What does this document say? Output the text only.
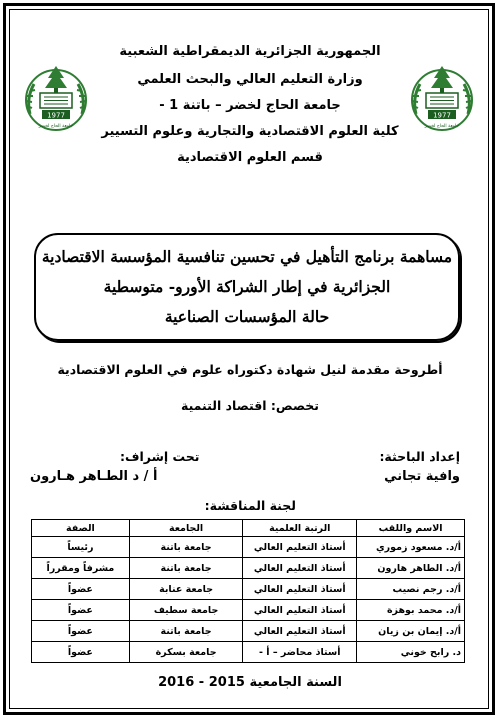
الجمهورية الجزائرية الديمقراطية الشعبية
وزارة التعليم العالي والبحث العلمي
جامعة الحاج لخضر – باتنة 1 -
كلية العلوم الاقتصادية والتجارية وعلوم التسيير
قسم العلوم الاقتصادية
1977
جامعة الحاج لخضر
1977
جامعة الحاج لخضر
مساهمة برنامج التأهيل في تحسين تنافسية المؤسسة الاقتصادية
الجزائرية في إطار الشراكة الأورو- متوسطية
حالة المؤسسات الصناعية
أطروحة مقدمة لنيل شهادة دكتوراه علوم في العلوم الاقتصادية
تخصص: اقتصاد التنمية
إعداد الباحثة:
وافية تجاني
تحت إشراف:
أ / د الطـاهر هـارون
لجنة المناقشة:
الاسم واللقب	الرتبة العلمية	الجامعة	الصفة
أ/د. مسعود زموري	أستاذ التعليم العالي	جامعة باتنة	رئيساً
أ/د. الطاهر هارون	أستاذ التعليم العالي	جامعة باتنة	مشرفاً ومقرراً
أ/د. رجم نصيب	أستاذ التعليم العالي	جامعة عنابة	عضواً
أ/د. محمد بوهزة	أستاذ التعليم العالي	جامعة سطيف	عضواً
أ/د. إيمان بن زيان	أستاذ التعليم العالي	جامعة باتنة	عضواً
د. رابح خوني	أستاذ محاضر – أ -	جامعة بسكرة	عضواً
السنة الجامعية 2015 - 2016
